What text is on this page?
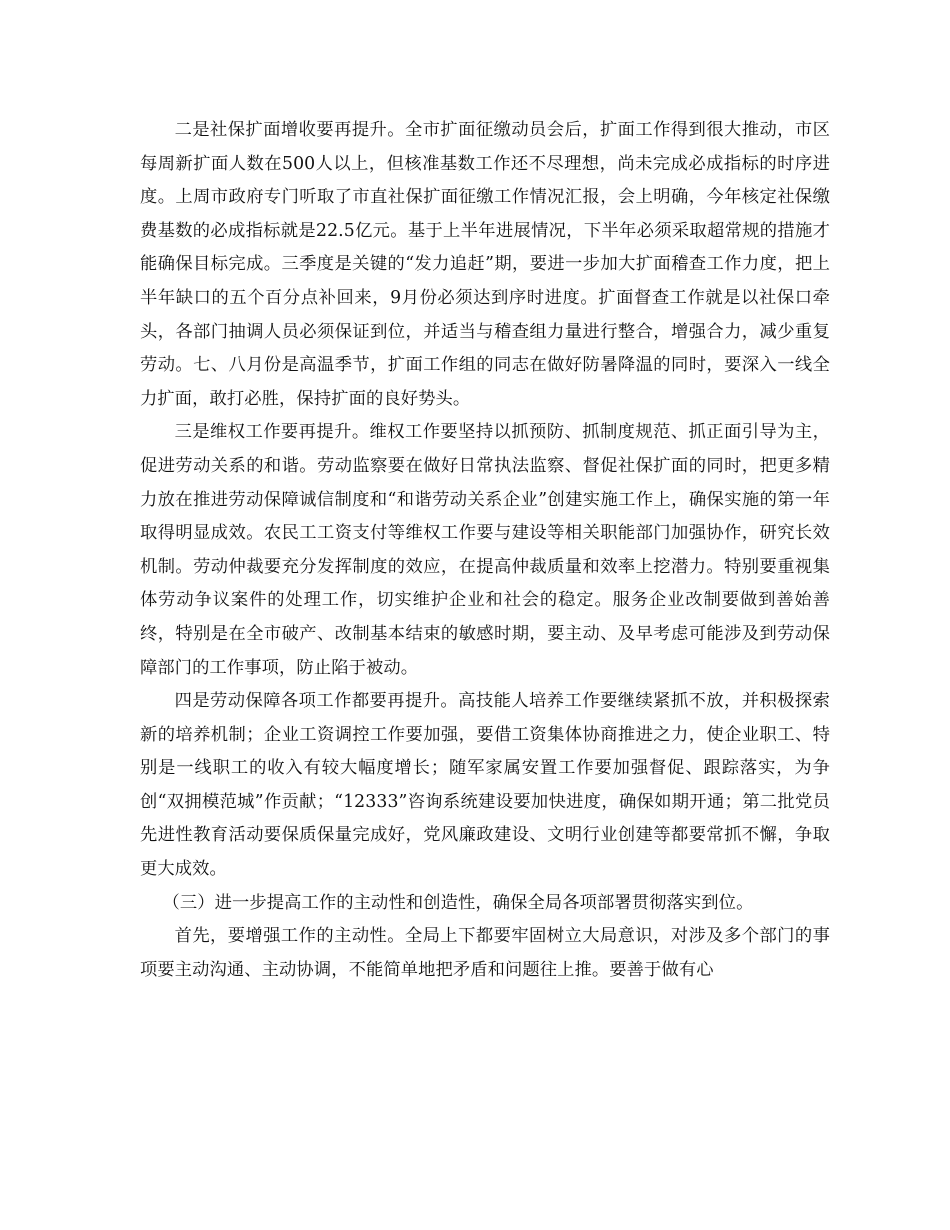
二是社保扩面增收要再提升。全市扩面征缴动员会后，扩面工作得到很大推动，市区每周新扩面人数在500人以上，但核准基数工作还不尽理想，尚未完成必成指标的时序进度。上周市政府专门听取了市直社保扩面征缴工作情况汇报，会上明确，今年核定社保缴费基数的必成指标就是22.5亿元。基于上半年进展情况，下半年必须采取超常规的措施才能确保目标完成。三季度是关键的“发力追赶”期，要进一步加大扩面稽查工作力度，把上半年缺口的五个百分点补回来，9月份必须达到序时进度。扩面督查工作就是以社保口牵头，各部门抽调人员必须保证到位，并适当与稽查组力量进行整合，增强合力，减少重复劳动。七、八月份是高温季节，扩面工作组的同志在做好防暑降温的同时，要深入一线全力扩面，敢打必胜，保持扩面的良好势头。

三是维权工作要再提升。维权工作要坚持以抓预防、抓制度规范、抓正面引导为主，促进劳动关系的和谐。劳动监察要在做好日常执法监察、督促社保扩面的同时，把更多精力放在推进劳动保障诚信制度和“和谐劳动关系企业”创建实施工作上，确保实施的第一年取得明显成效。农民工工资支付等维权工作要与建设等相关职能部门加强协作，研究长效机制。劳动仲裁要充分发挥制度的效应，在提高仲裁质量和效率上挖潜力。特别要重视集体劳动争议案件的处理工作，切实维护企业和社会的稳定。服务企业改制要做到善始善终，特别是在全市破产、改制基本结束的敏感时期，要主动、及早考虑可能涉及到劳动保障部门的工作事项，防止陷于被动。

四是劳动保障各项工作都要再提升。高技能人培养工作要继续紧抓不放，并积极探索新的培养机制；企业工资调控工作要加强，要借工资集体协商推进之力，使企业职工、特别是一线职工的收入有较大幅度增长；随军家属安置工作要加强督促、跟踪落实，为争创“双拥模范城”作贡献；“12333”咨询系统建设要加快进度，确保如期开通；第二批党员先进性教育活动要保质保量完成好，党风廉政建设、文明行业创建等都要常抓不懈，争取更大成效。

（三）进一步提高工作的主动性和创造性，确保全局各项部署贯彻落实到位。

首先，要增强工作的主动性。全局上下都要牢固树立大局意识，对涉及多个部门的事项要主动沟通、主动协调，不能简单地把矛盾和问题往上推。要善于做有心
